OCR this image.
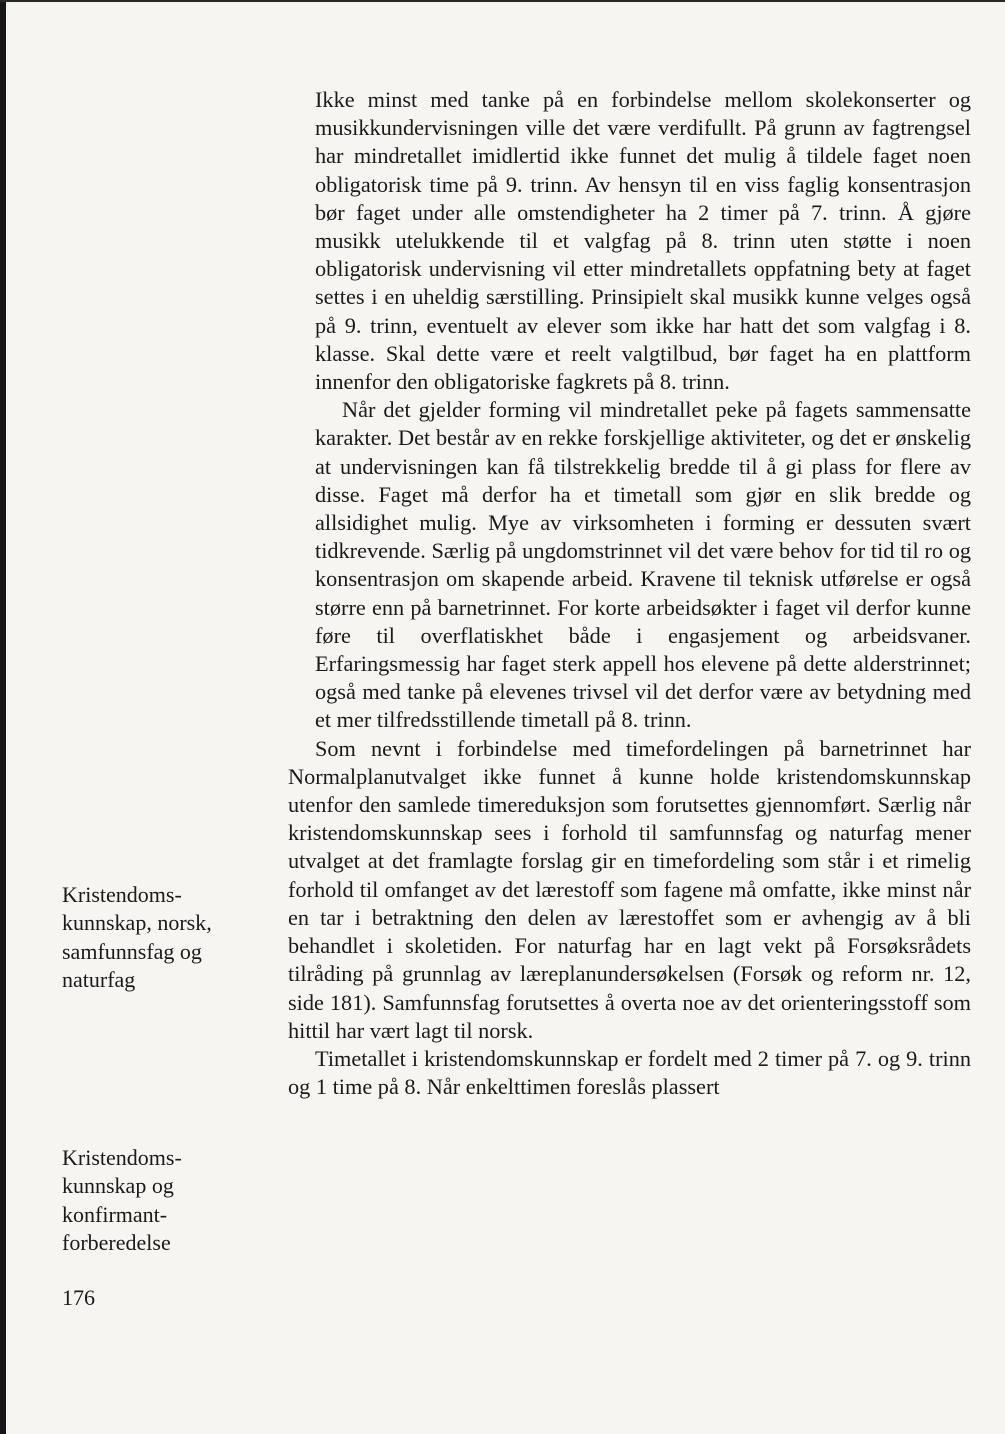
Ikke minst med tanke på en forbindelse mellom skolekonserter og musikkundervisningen ville det være verdifullt. På grunn av fagtrengsel har mindretallet imidlertid ikke funnet det mulig å tildele faget noen obligatorisk time på 9. trinn. Av hensyn til en viss faglig konsentrasjon bør faget under alle omstendigheter ha 2 timer på 7. trinn. Å gjøre musikk utelukkende til et valgfag på 8. trinn uten støtte i noen obligatorisk undervisning vil etter mindretallets oppfatning bety at faget settes i en uheldig særstilling. Prinsipielt skal musikk kunne velges også på 9. trinn, eventuelt av elever som ikke har hatt det som valgfag i 8. klasse. Skal dette være et reelt valgtilbud, bør faget ha en plattform innenfor den obligatoriske fagkrets på 8. trinn.

Når det gjelder forming vil mindretallet peke på fagets sammensatte karakter. Det består av en rekke forskjellige aktiviteter, og det er ønskelig at undervisningen kan få tilstrekkelig bredde til å gi plass for flere av disse. Faget må derfor ha et timetall som gjør en slik bredde og allsidighet mulig. Mye av virksomheten i forming er dessuten svært tidkrevende. Særlig på ungdomstrinnet vil det være behov for tid til ro og konsentrasjon om skapende arbeid. Kravene til teknisk utførelse er også større enn på barnetrinnet. For korte arbeidsøkter i faget vil derfor kunne føre til overflatiskhet både i engasjement og arbeidsvaner. Erfaringsmessig har faget sterk appell hos elevene på dette alderstrinnet; også med tanke på elevenes trivsel vil det derfor være av betydning med et mer tilfredsstillende timetall på 8. trinn.

Som nevnt i forbindelse med timefordelingen på barnetrinnet har Normalplanutvalget ikke funnet å kunne holde kristendomskunnskap utenfor den samlede timereduksjon som forutsettes gjennomført. Særlig når kristendomskunnskap sees i forhold til samfunnsfag og naturfag mener utvalget at det framlagte forslag gir en timefordeling som står i et rimelig forhold til omfanget av det lærestoff som fagene må omfatte, ikke minst når en tar i betraktning den delen av lærestoffet som er avhengig av å bli behandlet i skoletiden. For naturfag har en lagt vekt på Forsøksrådets tilråding på grunnlag av læreplanundersøkelsen (Forsøk og reform nr. 12, side 181). Samfunnsfag forutsettes å overta noe av det orienteringsstoff som hittil har vært lagt til norsk.

Timetallet i kristendomskunnskap er fordelt med 2 timer på 7. og 9. trinn og 1 time på 8. Når enkelttimen foreslås plassert

Kristendoms-
kunnskap, norsk,
samfunnsfag og
naturfag
Kristendoms-
kunnskap og
konfirmant-
forberedelse
176
